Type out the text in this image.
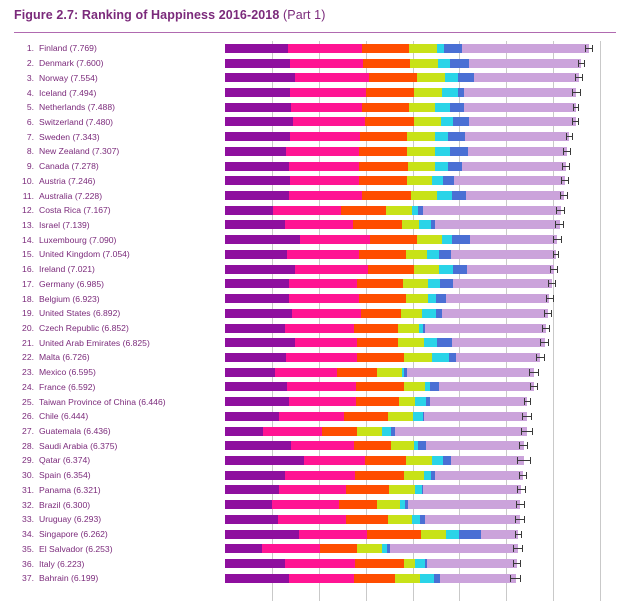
Figure 2.7: Ranking of Happiness 2016-2018 (Part 1)
1. Finland (7.769)
2. Denmark (7.600)
3. Norway (7.554)
4. Iceland (7.494)
5. Netherlands (7.488)
6. Switzerland (7.480)
7. Sweden (7.343)
8. New Zealand (7.307)
9. Canada (7.278)
10. Austria (7.246)
11. Australia (7.228)
12. Costa Rica (7.167)
13. Israel (7.139)
14. Luxembourg (7.090)
15. United Kingdom (7.054)
16. Ireland (7.021)
17. Germany (6.985)
18. Belgium (6.923)
19. United States (6.892)
20. Czech Republic (6.852)
21. United Arab Emirates (6.825)
22. Malta (6.726)
23. Mexico (6.595)
24. France (6.592)
25. Taiwan Province of China (6.446)
26. Chile (6.444)
27. Guatemala (6.436)
28. Saudi Arabia (6.375)
29. Qatar (6.374)
30. Spain (6.354)
31. Panama (6.321)
32. Brazil (6.300)
33. Uruguay (6.293)
34. Singapore (6.262)
35. El Salvador (6.253)
36. Italy (6.223)
37. Bahrain (6.199)
